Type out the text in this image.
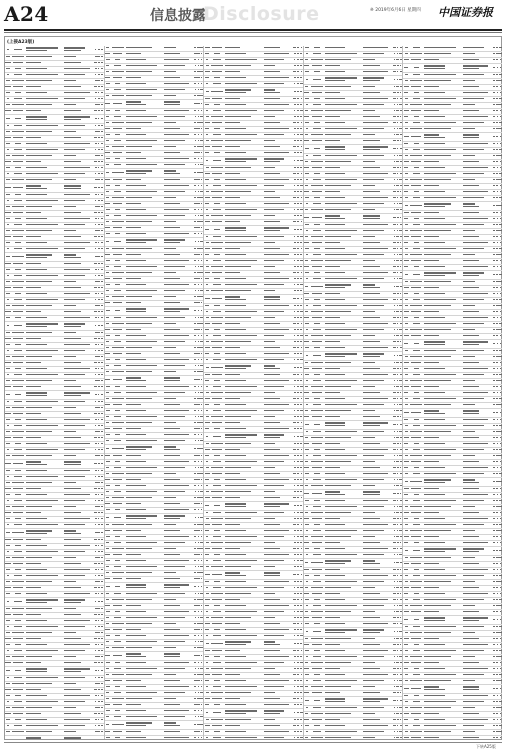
A24	信息披露
Disclosure	※ 2019年6月6日 星期四 中国证券报
(上接A23版)

下转A25版
